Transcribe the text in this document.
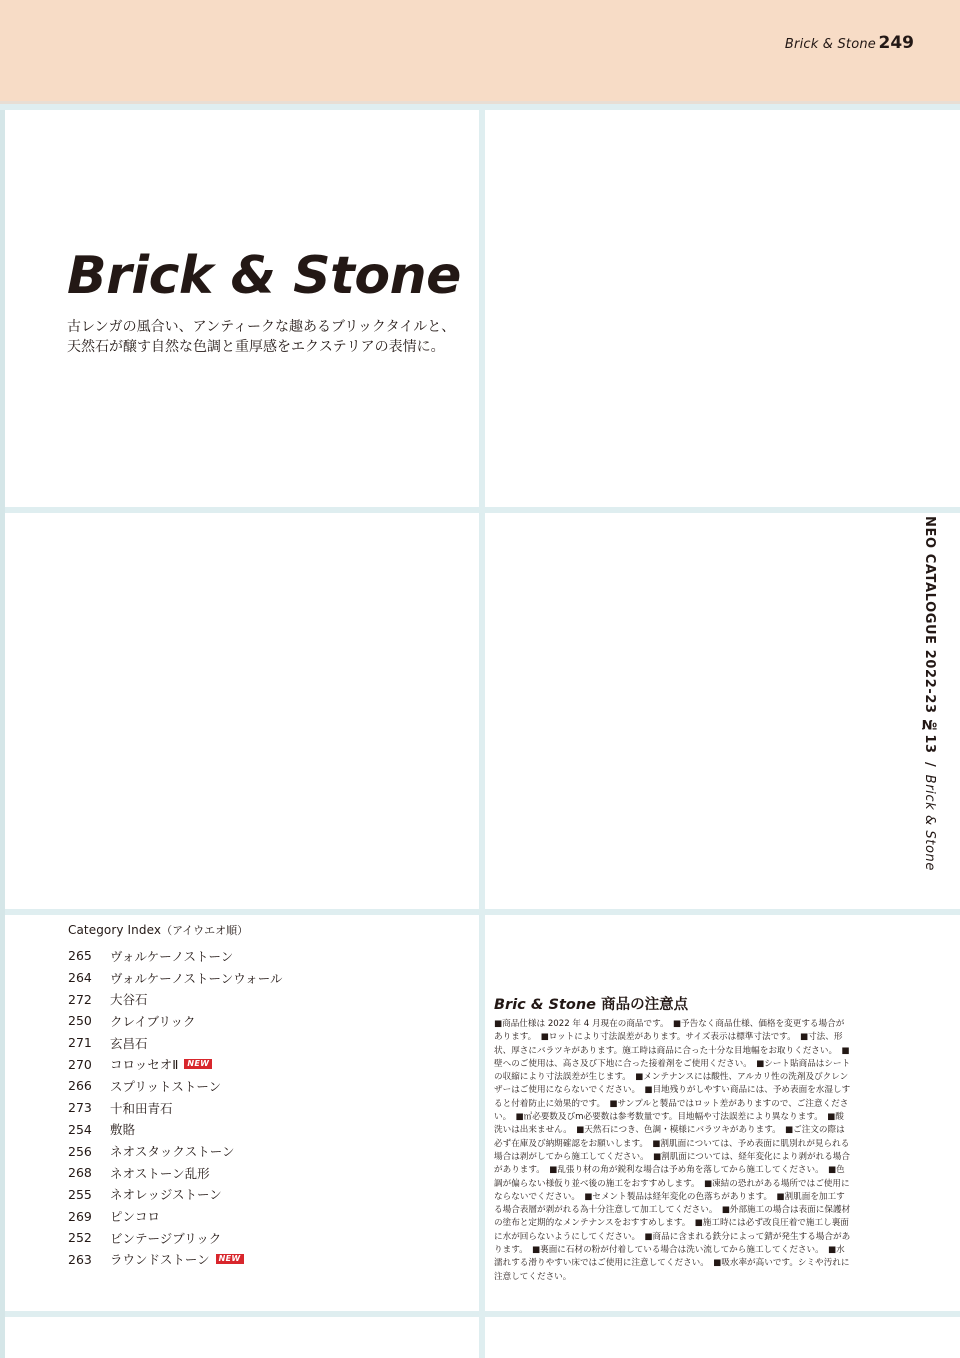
Brick & Stone 249
Brick & Stone

古レンガの風合い、アンティークな趣あるブリックタイルと、
天然石が醸す自然な色調と重厚感をエクステリアの表情に。

NEO CATALOGUE 2022-23 №13 / Brick & Stone

Category Index（アイウエオ順）

265	ヴォルケーノストーン
264	ヴォルケーノストーンウォール
272	大谷石
250	クレイブリック
271	玄昌石
270	コロッセオⅡ	NEW
266	スプリットストーン
273	十和田青石
254	敷賂
256	ネオスタックストーン
268	ネオストーン乱形
255	ネオレッジストーン
269	ピンコロ
252	ビンテージブリック
263	ラウンドストーン	NEW
Bric & Stone 商品の注意点

■商品仕様は 2022 年 4 月現在の商品です。　■予告なく商品仕様、価格を変更する場合が
あります。　■ロットにより寸法誤差があります。サイズ表示は標準寸法です。　■寸法、形
状、厚さにバラツキがあります。施工時は商品に合った十分な目地幅をお取りください。　■
壁へのご使用は、高さ及び下地に合った接着剤をご使用ください。　■シート貼商品はシート
の収縮により寸法誤差が生じます。　■メンテナンスには酸性、アルカリ性の洗剤及びクレン
ザーはご使用にならないでください。　■目地残りがしやすい商品には、予め表面を水湿しす
ると付着防止に効果的です。　■サンプルと製品ではロット差がありますので、ご注意くださ
い。　■㎡必要数及びm必要数は参考数量です。目地幅や寸法誤差により異なります。　■酸
洗いは出来ません。　■天然石につき、色調・模様にバラツキがあります。　■ご注文の際は
必ず在庫及び納期確認をお願いします。　■割肌面については、予め表面に肌別れが見られる
場合は剥がしてから施工してください。　■割肌面については、経年変化により剥がれる場合
があります。　■乱張り材の角が鋭利な場合は予め角を落してから施工してください。　■色
調が偏らない様仮り並べ後の施工をおすすめします。　■凍結の恐れがある場所ではご使用に
ならないでください。　■セメント製品は経年変化の色落ちがあります。　■割肌面を加工す
る場合表層が剥がれる為十分注意して加工してください。　■外部施工の場合は表面に保護材
の塗布と定期的なメンテナンスをおすすめします。　■施工時には必ず改良圧着で施工し裏面
に水が回らないようにしてください。　■商品に含まれる鉄分によって錆が発生する場合があ
ります。　■裏面に石材の粉が付着している場合は洗い流してから施工してください。　■水
濡れする滑りやすい床ではご使用に注意してください。　■吸水率が高いです。シミや汚れに
注意してください。
